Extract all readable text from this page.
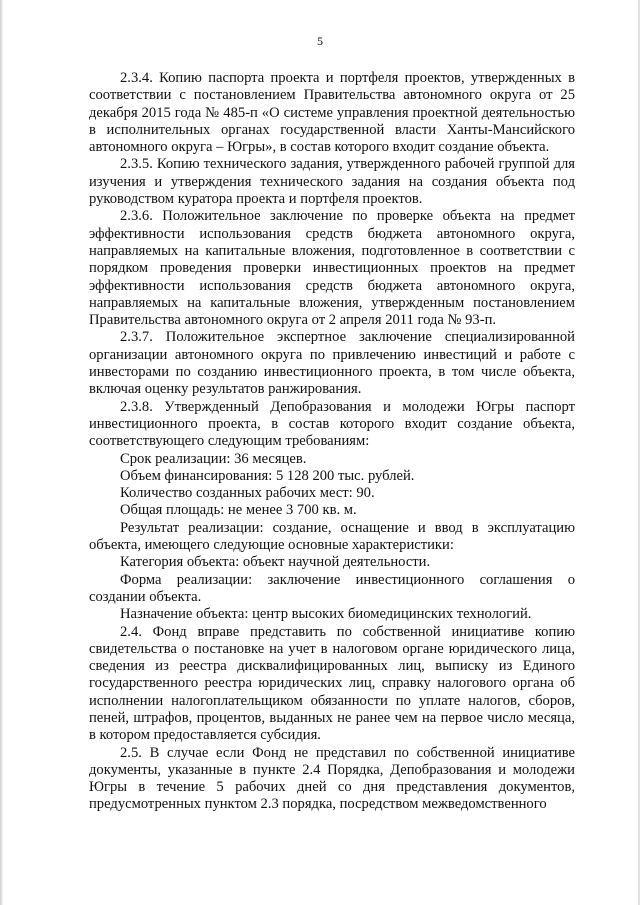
5

2.3.4. Копию паспорта проекта и портфеля проектов, утвержденных в соответствии с постановлением Правительства автономного округа от 25 декабря 2015 года № 485-п «О системе управления проектной деятельностью в исполнительных органах государственной власти Ханты-Мансийского автономного округа – Югры», в состав которого входит создание объекта.

2.3.5. Копию технического задания, утвержденного рабочей группой для изучения и утверждения технического задания на создания объекта под руководством куратора проекта и портфеля проектов.

2.3.6. Положительное заключение по проверке объекта на предмет эффективности использования средств бюджета автономного округа, направляемых на капитальные вложения, подготовленное в соответствии с порядком проведения проверки инвестиционных проектов на предмет эффективности использования средств бюджета автономного округа, направляемых на капитальные вложения, утвержденным постановлением Правительства автономного округа от 2 апреля 2011 года № 93-п.

2.3.7. Положительное экспертное заключение специализированной организации автономного округа по привлечению инвестиций и работе с инвесторами по созданию инвестиционного проекта, в том числе объекта, включая оценку результатов ранжирования.

2.3.8. Утвержденный Депобразования и молодежи Югры паспорт инвестиционного проекта, в состав которого входит создание объекта, соответствующего следующим требованиям:

Срок реализации: 36 месяцев.

Объем финансирования: 5 128 200 тыс. рублей.

Количество созданных рабочих мест: 90.

Общая площадь: не менее 3 700 кв. м.

Результат реализации: создание, оснащение и ввод в эксплуатацию объекта, имеющего следующие основные характеристики:

Категория объекта: объект научной деятельности.

Форма реализации: заключение инвестиционного соглашения о создании объекта.

Назначение объекта: центр высоких биомедицинских технологий.

2.4. Фонд вправе представить по собственной инициативе копию свидетельства о постановке на учет в налоговом органе юридического лица, сведения из реестра дисквалифицированных лиц, выписку из Единого государственного реестра юридических лиц, справку налогового органа об исполнении налогоплательщиком обязанности по уплате налогов, сборов, пеней, штрафов, процентов, выданных не ранее чем на первое число месяца, в котором предоставляется субсидия.

2.5. В случае если Фонд не представил по собственной инициативе документы, указанные в пункте 2.4 Порядка, Депобразования и молодежи Югры в течение 5 рабочих дней со дня представления документов, предусмотренных пунктом 2.3 порядка, посредством межведомственного
